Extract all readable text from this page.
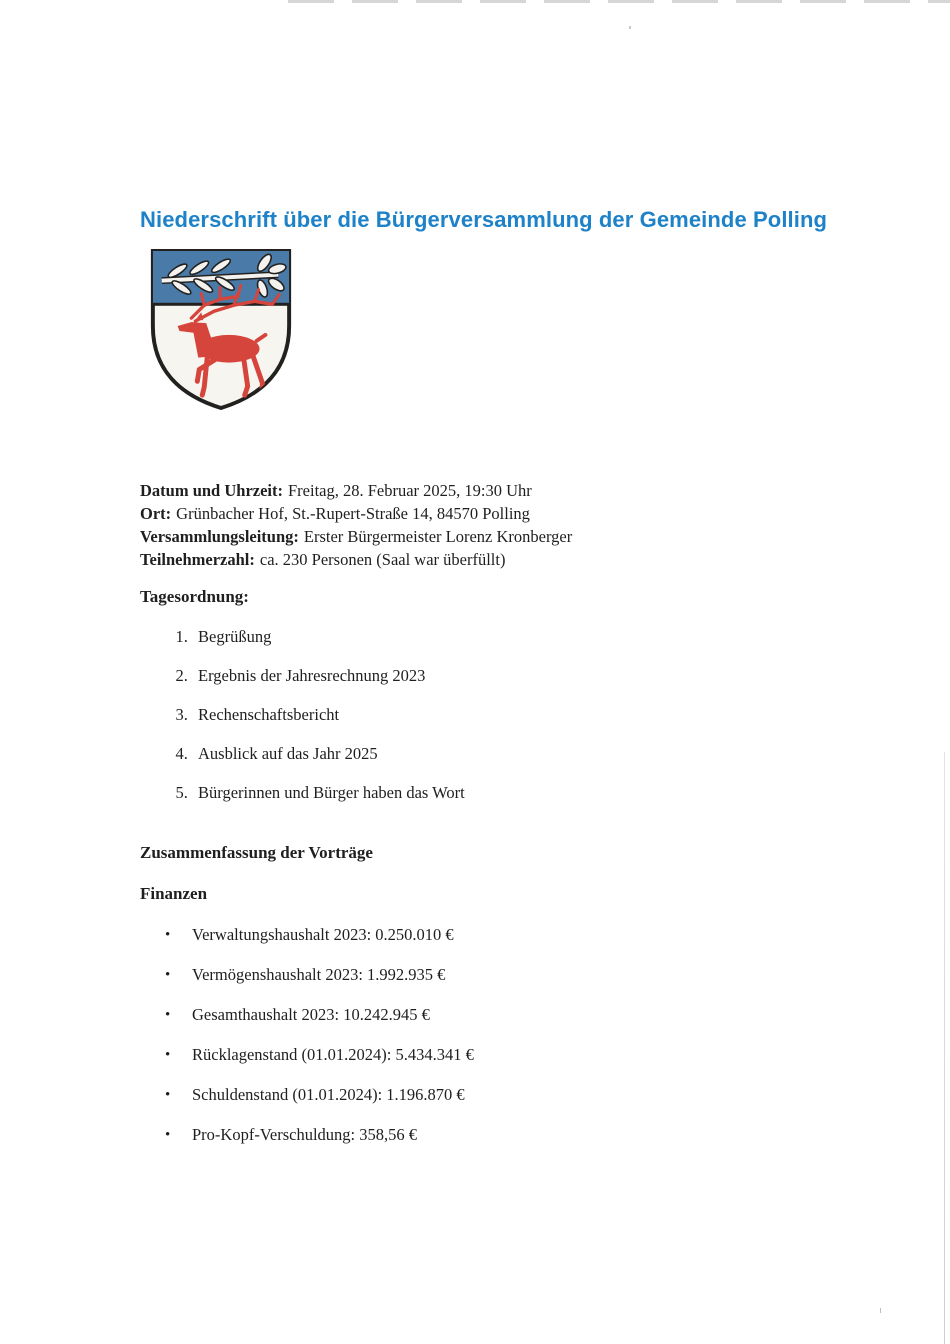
Niederschrift über die Bürgerversammlung der Gemeinde Polling
Datum und Uhrzeit: Freitag, 28. Februar 2025, 19:30 Uhr
Ort: Grünbacher Hof, St.-Rupert-Straße 14, 84570 Polling
Versammlungsleitung: Erster Bürgermeister Lorenz Kronberger
Teilnehmerzahl: ca. 230 Personen (Saal war überfüllt)
Tagesordnung:
1. Begrüßung
2. Ergebnis der Jahresrechnung 2023
3. Rechenschaftsbericht
4. Ausblick auf das Jahr 2025
5. Bürgerinnen und Bürger haben das Wort
Zusammenfassung der Vorträge
Finanzen
• Verwaltungshaushalt 2023: 0.250.010 €
• Vermögenshaushalt 2023: 1.992.935 €
• Gesamthaushalt 2023: 10.242.945 €
• Rücklagenstand (01.01.2024): 5.434.341 €
• Schuldenstand (01.01.2024): 1.196.870 €
• Pro-Kopf-Verschuldung: 358,56 €
